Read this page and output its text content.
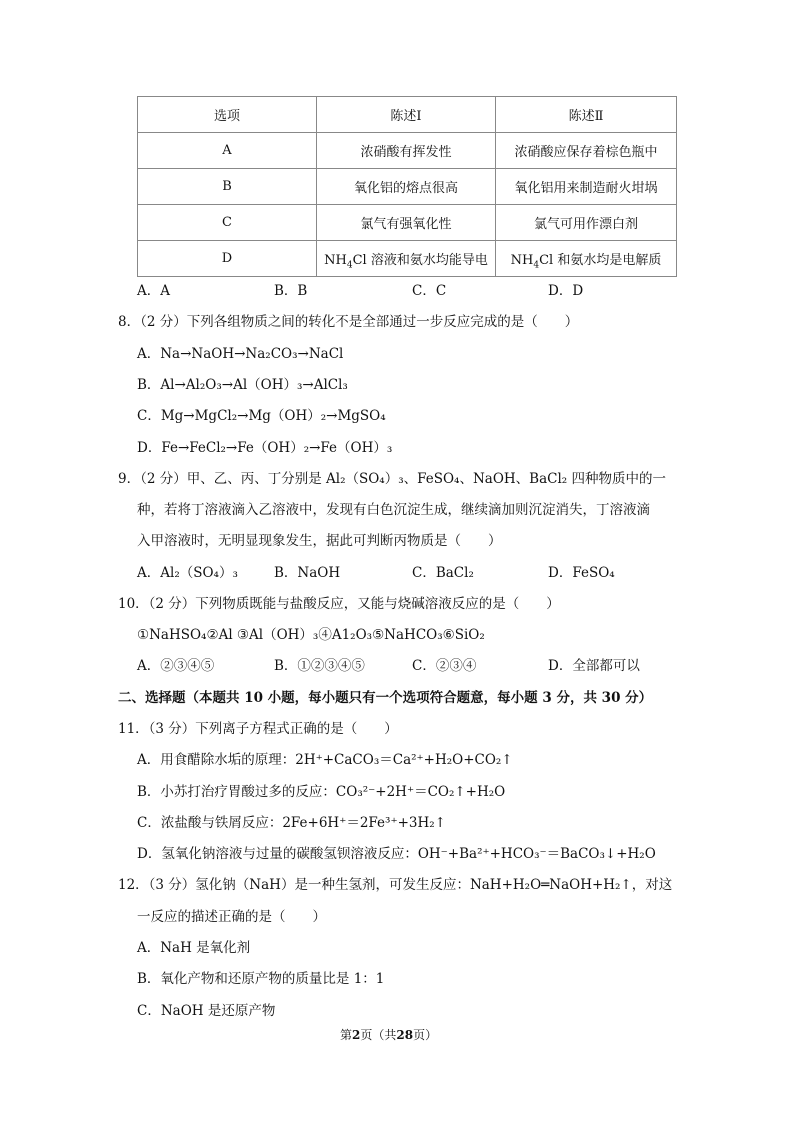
选项	陈述Ⅰ	陈述Ⅱ
A	浓硝酸有挥发性	浓硝酸应保存着棕色瓶中
B	氧化铝的熔点很高	氧化铝用来制造耐火坩埚
C	氯气有强氧化性	氯气可用作漂白剂
D	$NH_4Cl$ 溶液和氨水均能导电	$NH_4Cl$ 和氨水均是电解质
A．A	B．B	C．C	D．D
8．（2 分）下列各组物质之间的转化不是全部通过一步反应完成的是（　　）
A．Na→NaOH→Na₂CO₃→NaCl
B．Al→Al₂O₃→Al（OH）₃→AlCl₃
C．Mg→MgCl₂→Mg（OH）₂→MgSO₄
D．Fe→FeCl₂→Fe（OH）₂→Fe（OH）₃
9．（2 分）甲、乙、丙、丁分别是 Al₂（SO₄）₃、FeSO₄、NaOH、BaCl₂ 四种物质中的一
种，若将丁溶液滴入乙溶液中，发现有白色沉淀生成，继续滴加则沉淀消失，丁溶液滴
入甲溶液时，无明显现象发生，据此可判断丙物质是（　　）
A．Al₂（SO₄）₃	B．NaOH	C．BaCl₂	D．FeSO₄
10．（2 分）下列物质既能与盐酸反应，又能与烧碱溶液反应的是（　　）
①NaHSO₄②Al ③Al（OH）₃④A1₂O₃⑤NaHCO₃⑥SiO₂
A．②③④⑤	B．①②③④⑤	C．②③④	D．全部都可以
二、选择题（本题共 10 小题，每小题只有一个选项符合题意，每小题 3 分，共 30 分）
11．（3 分）下列离子方程式正确的是（　　）
A．用食醋除水垢的原理：2H⁺+CaCO₃＝Ca²⁺+H₂O+CO₂↑
B．小苏打治疗胃酸过多的反应：CO₃²⁻+2H⁺＝CO₂↑+H₂O
C．浓盐酸与铁屑反应：2Fe+6H⁺＝2Fe³⁺+3H₂↑
D．氢氧化钠溶液与过量的碳酸氢钡溶液反应：OH⁻+Ba²⁺+HCO₃⁻＝BaCO₃↓+H₂O
12．（3 分）氢化钠（NaH）是一种生氢剂，可发生反应：NaH+H₂O═NaOH+H₂↑，对这
一反应的描述正确的是（　　）
A．NaH 是氧化剂
B．氧化产物和还原产物的质量比是 1：1
C．NaOH 是还原产物
第2页（共28页）
